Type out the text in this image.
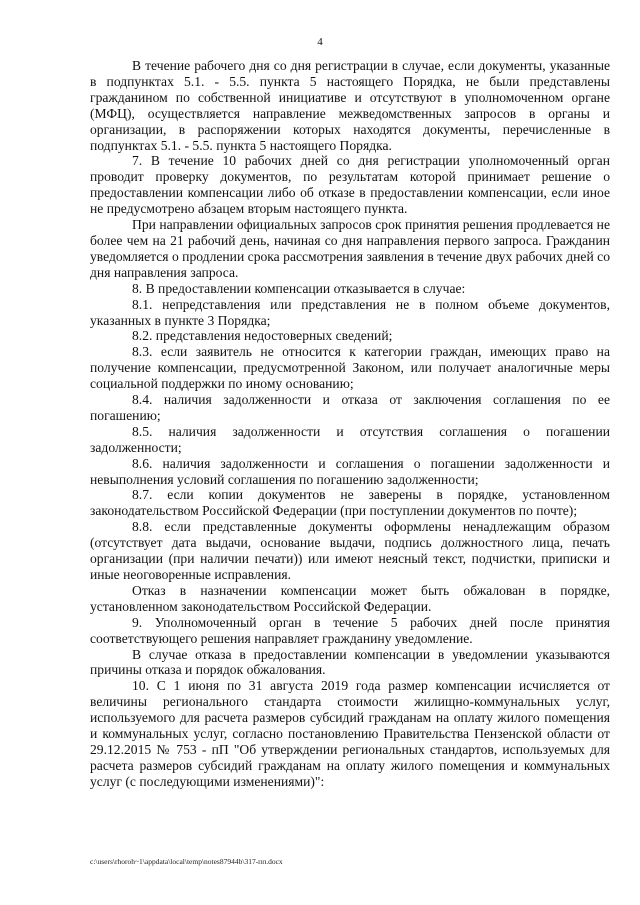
4

В течение рабочего дня со дня регистрации в случае, если документы, указанные в подпунктах 5.1. - 5.5. пункта 5 настоящего Порядка, не были представлены гражданином по собственной инициативе и отсутствуют в уполномоченном органе (МФЦ), осуществляется направление межведомственных запросов в органы и организации, в распоряжении которых находятся документы, перечисленные в подпунктах 5.1. - 5.5. пункта 5 настоящего Порядка.

7. В течение 10 рабочих дней со дня регистрации уполномоченный орган проводит проверку документов, по результатам которой принимает решение о предоставлении компенсации либо об отказе в предоставлении компенсации, если иное не предусмотрено абзацем вторым настоящего пункта.

При направлении официальных запросов срок принятия решения продлевается не более чем на 21 рабочий день, начиная со дня направления первого запроса. Гражданин уведомляется о продлении срока рассмотрения заявления в течение двух рабочих дней со дня направления запроса.

8. В предоставлении компенсации отказывается в случае:

8.1. непредставления или представления не в полном объеме документов, указанных в пункте 3 Порядка;

8.2. представления недостоверных сведений;

8.3. если заявитель не относится к категории граждан, имеющих право на получение компенсации, предусмотренной Законом, или получает аналогичные меры социальной поддержки по иному основанию;

8.4. наличия задолженности и отказа от заключения соглашения по ее погашению;

8.5. наличия задолженности и отсутствия соглашения о погашении задолженности;

8.6. наличия задолженности и соглашения о погашении задолженности и невыполнения условий соглашения по погашению задолженности;

8.7. если копии документов не заверены в порядке, установленном законодательством Российской Федерации (при поступлении документов по почте);

8.8. если представленные документы оформлены ненадлежащим образом (отсутствует дата выдачи, основание выдачи, подпись должностного лица, печать организации (при наличии печати)) или имеют неясный текст, подчистки, приписки и иные неоговоренные исправления.

Отказ в назначении компенсации может быть обжалован в порядке, установленном законодательством Российской Федерации.

9. Уполномоченный орган в течение 5 рабочих дней после принятия соответствующего решения направляет гражданину уведомление.

В случае отказа в предоставлении компенсации в уведомлении указываются причины отказа и порядок обжалования.

10. С 1 июня по 31 августа 2019 года размер компенсации исчисляется от величины регионального стандарта стоимости жилищно-коммунальных услуг, используемого для расчета размеров субсидий гражданам на оплату жилого помещения и коммунальных услуг, согласно постановлению Правительства Пензенской области от 29.12.2015 № 753 - пП "Об утверждении региональных стандартов, используемых для расчета размеров субсидий гражданам на оплату жилого помещения и коммунальных услуг (с последующими изменениями)":

c:\users\rhoroh~1\appdata\local\temp\notes87944b\317-пп.docx
